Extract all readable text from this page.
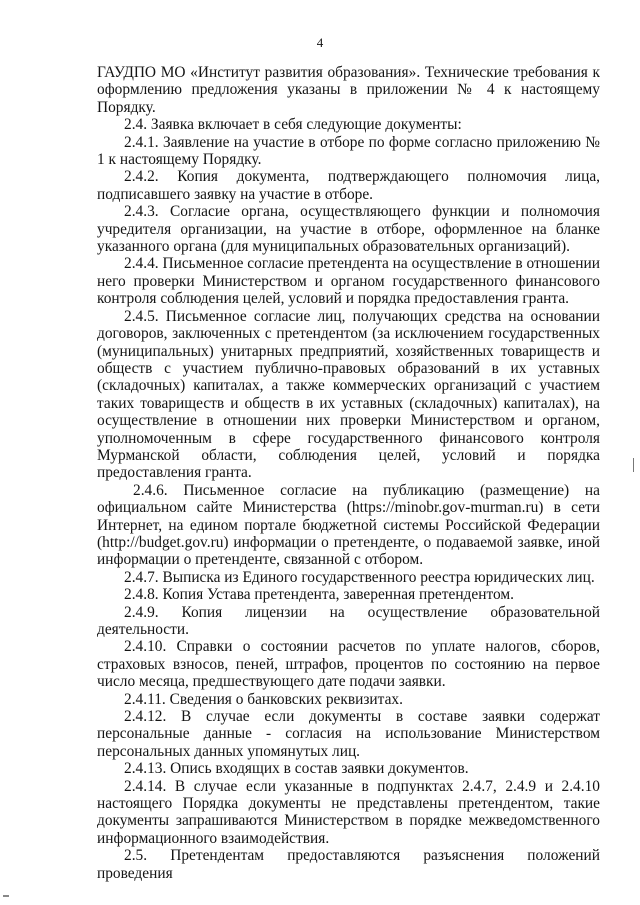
4

ГАУДПО МО «Институт развития образования». Технические требования к оформлению предложения указаны в приложении № 4 к настоящему Порядку.

2.4. Заявка включает в себя следующие документы:

2.4.1. Заявление на участие в отборе по форме согласно приложению № 1 к настоящему Порядку.

2.4.2. Копия документа, подтверждающего полномочия лица, подписавшего заявку на участие в отборе.

2.4.3. Согласие органа, осуществляющего функции и полномочия учредителя организации, на участие в отборе, оформленное на бланке указанного органа (для муниципальных образовательных организаций).

2.4.4. Письменное согласие претендента на осуществление в отношении него проверки Министерством и органом государственного финансового контроля соблюдения целей, условий и порядка предоставления гранта.

2.4.5. Письменное согласие лиц, получающих средства на основании договоров, заключенных с претендентом (за исключением государственных (муниципальных) унитарных предприятий, хозяйственных товариществ и обществ с участием публично-правовых образований в их уставных (складочных) капиталах, а также коммерческих организаций с участием таких товариществ и обществ в их уставных (складочных) капиталах), на осуществление в отношении них проверки Министерством и органом, уполномоченным в сфере государственного финансового контроля Мурманской области, соблюдения целей, условий и порядка предоставления гранта.

2.4.6. Письменное согласие на публикацию (размещение) на официальном сайте Министерства (https://minobr.gov-murman.ru) в сети Интернет, на едином портале бюджетной системы Российской Федерации (http://budget.gov.ru) информации о претенденте, о подаваемой заявке, иной информации о претенденте, связанной с отбором.

2.4.7. Выписка из Единого государственного реестра юридических лиц.

2.4.8. Копия Устава претендента, заверенная претендентом.

2.4.9. Копия лицензии на осуществление образовательной деятельности.

2.4.10. Справки о состоянии расчетов по уплате налогов, сборов, страховых взносов, пеней, штрафов, процентов по состоянию на первое число месяца, предшествующего дате подачи заявки.

2.4.11. Сведения о банковских реквизитах.

2.4.12. В случае если документы в составе заявки содержат персональные данные - согласия на использование Министерством персональных данных упомянутых лиц.

2.4.13. Опись входящих в состав заявки документов.

2.4.14. В случае если указанные в подпунктах 2.4.7, 2.4.9 и 2.4.10 настоящего Порядка документы не представлены претендентом, такие документы запрашиваются Министерством в порядке межведомственного информационного взаимодействия.

2.5. Претендентам предоставляются разъяснения положений проведения
